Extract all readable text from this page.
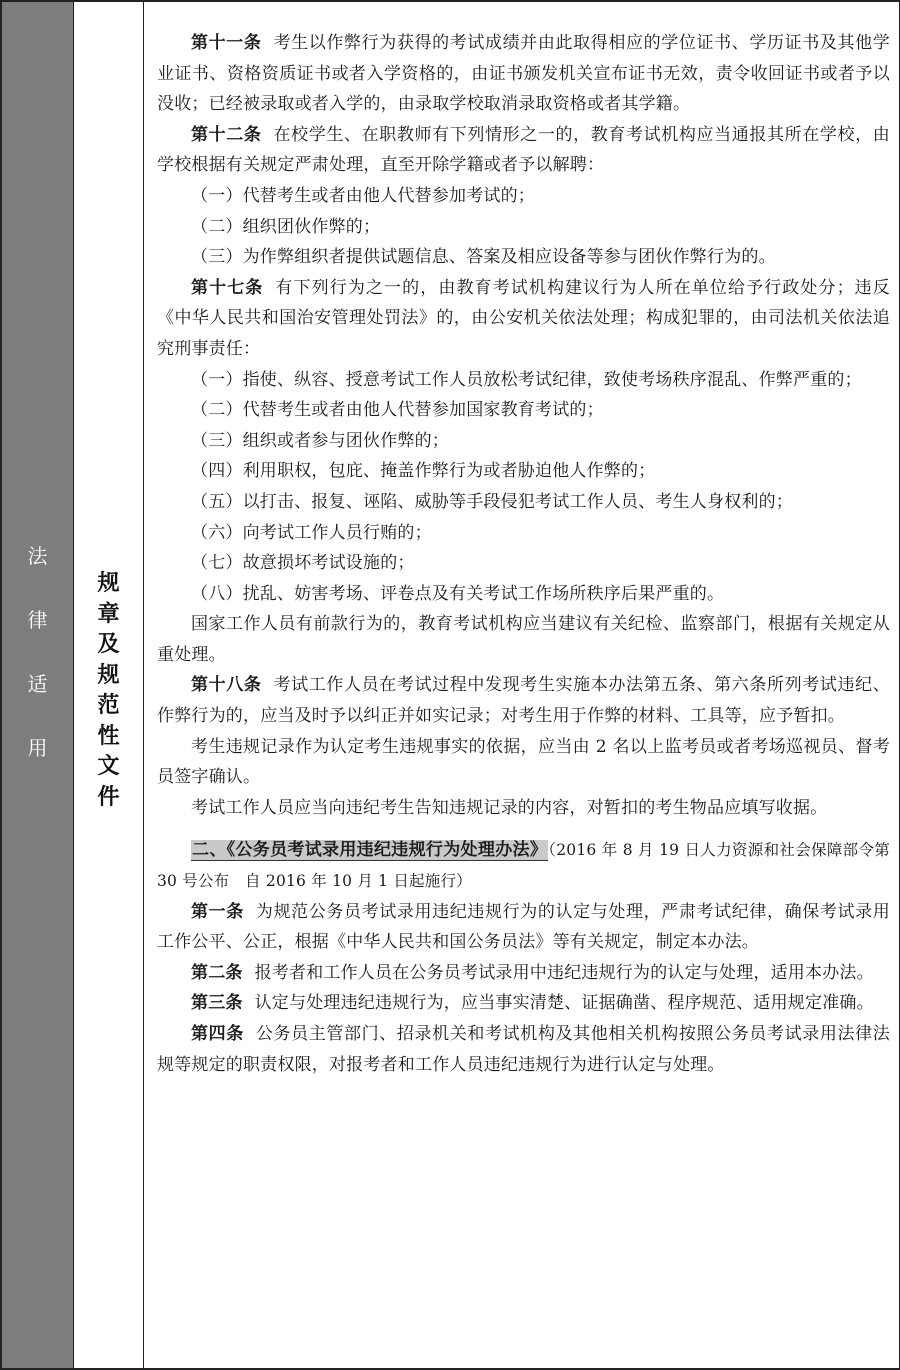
法
律
适
用
规
章
及
规
范
性
文
件

第十一条 考生以作弊行为获得的考试成绩并由此取得相应的学位证书、学历证书及其他学业证书、资格资质证书或者入学资格的，由证书颁发机关宣布证书无效，责令收回证书或者予以没收；已经被录取或者入学的，由录取学校取消录取资格或者其学籍。

第十二条 在校学生、在职教师有下列情形之一的，教育考试机构应当通报其所在学校，由学校根据有关规定严肃处理，直至开除学籍或者予以解聘：

（一）代替考生或者由他人代替参加考试的；

（二）组织团伙作弊的；

（三）为作弊组织者提供试题信息、答案及相应设备等参与团伙作弊行为的。

第十七条 有下列行为之一的，由教育考试机构建议行为人所在单位给予行政处分；违反《中华人民共和国治安管理处罚法》的，由公安机关依法处理；构成犯罪的，由司法机关依法追究刑事责任：

（一）指使、纵容、授意考试工作人员放松考试纪律，致使考场秩序混乱、作弊严重的；

（二）代替考生或者由他人代替参加国家教育考试的；

（三）组织或者参与团伙作弊的；

（四）利用职权，包庇、掩盖作弊行为或者胁迫他人作弊的；

（五）以打击、报复、诬陷、威胁等手段侵犯考试工作人员、考生人身权利的；

（六）向考试工作人员行贿的；

（七）故意损坏考试设施的；

（八）扰乱、妨害考场、评卷点及有关考试工作场所秩序后果严重的。

国家工作人员有前款行为的，教育考试机构应当建议有关纪检、监察部门，根据有关规定从重处理。

第十八条 考试工作人员在考试过程中发现考生实施本办法第五条、第六条所列考试违纪、作弊行为的，应当及时予以纠正并如实记录；对考生用于作弊的材料、工具等，应予暂扣。

考生违规记录作为认定考生违规事实的依据，应当由 2 名以上监考员或者考场巡视员、督考员签字确认。

考试工作人员应当向违纪考生告知违规记录的内容，对暂扣的考生物品应填写收据。

二、《公务员考试录用违纪违规行为处理办法》（2016 年 8 月 19 日人力资源和社会保障部令第 30 号公布　自 2016 年 10 月 1 日起施行）

第一条 为规范公务员考试录用违纪违规行为的认定与处理，严肃考试纪律，确保考试录用工作公平、公正，根据《中华人民共和国公务员法》等有关规定，制定本办法。

第二条 报考者和工作人员在公务员考试录用中违纪违规行为的认定与处理，适用本办法。

第三条 认定与处理违纪违规行为，应当事实清楚、证据确凿、程序规范、适用规定准确。

第四条 公务员主管部门、招录机关和考试机构及其他相关机构按照公务员考试录用法律法规等规定的职责权限，对报考者和工作人员违纪违规行为进行认定与处理。
